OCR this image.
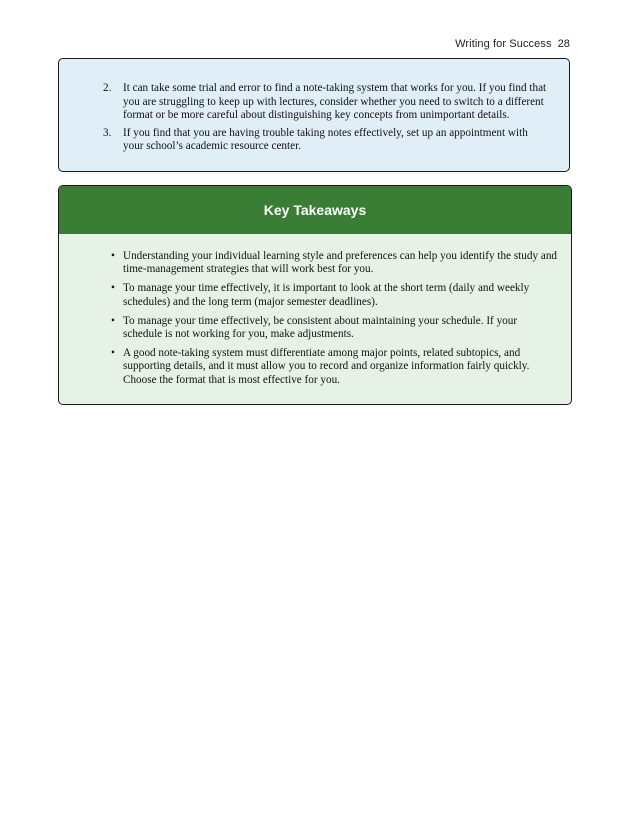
Writing for Success 28
2. It can take some trial and error to find a note-taking system that works for you. If you find that you are struggling to keep up with lectures, consider whether you need to switch to a different format or be more careful about distinguishing key concepts from unimportant details.
3. If you find that you are having trouble taking notes effectively, set up an appointment with your school’s academic resource center.
Key Takeaways
• Understanding your individual learning style and preferences can help you identify the study and time-management strategies that will work best for you.
• To manage your time effectively, it is important to look at the short term (daily and weekly schedules) and the long term (major semester deadlines).
• To manage your time effectively, be consistent about maintaining your schedule. If your schedule is not working for you, make adjustments.
• A good note-taking system must differentiate among major points, related subtopics, and supporting details, and it must allow you to record and organize information fairly quickly. Choose the format that is most effective for you.
